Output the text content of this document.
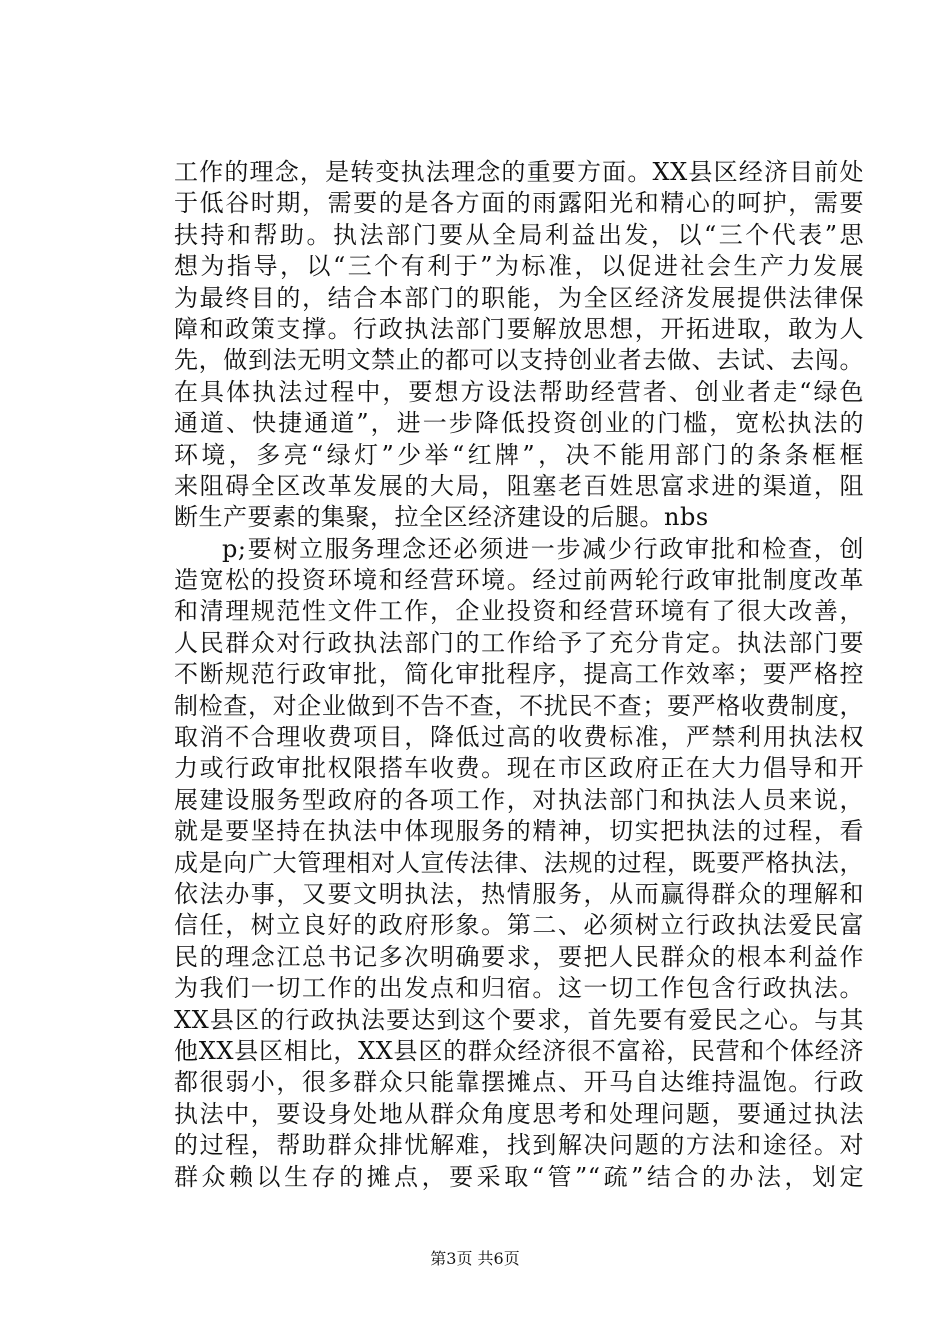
工作的理念，是转变执法理念的重要方面。XX县区经济目前处
于低谷时期，需要的是各方面的雨露阳光和精心的呵护，需要
扶持和帮助。执法部门要从全局利益出发，以“三个代表”思
想为指导，以“三个有利于”为标准，以促进社会生产力发展
为最终目的，结合本部门的职能，为全区经济发展提供法律保
障和政策支撑。行政执法部门要解放思想，开拓进取，敢为人
先，做到法无明文禁止的都可以支持创业者去做、去试、去闯。
在具体执法过程中，要想方设法帮助经营者、创业者走“绿色
通道、快捷通道”，进一步降低投资创业的门槛，宽松执法的
环境，多亮“绿灯”少举“红牌”，决不能用部门的条条框框
来阻碍全区改革发展的大局，阻塞老百姓思富求进的渠道，阻
断生产要素的集聚，拉全区经济建设的后腿。nbs
p;要树立服务理念还必须进一步减少行政审批和检查，创
造宽松的投资环境和经营环境。经过前两轮行政审批制度改革
和清理规范性文件工作，企业投资和经营环境有了很大改善，
人民群众对行政执法部门的工作给予了充分肯定。执法部门要
不断规范行政审批，简化审批程序，提高工作效率；要严格控
制检查，对企业做到不告不查，不扰民不查；要严格收费制度，
取消不合理收费项目，降低过高的收费标准，严禁利用执法权
力或行政审批权限搭车收费。现在市区政府正在大力倡导和开
展建设服务型政府的各项工作，对执法部门和执法人员来说，
就是要坚持在执法中体现服务的精神，切实把执法的过程，看
成是向广大管理相对人宣传法律、法规的过程，既要严格执法，
依法办事，又要文明执法，热情服务，从而赢得群众的理解和
信任，树立良好的政府形象。第二、必须树立行政执法爱民富
民的理念江总书记多次明确要求，要把人民群众的根本利益作
为我们一切工作的出发点和归宿。这一切工作包含行政执法。
XX县区的行政执法要达到这个要求，首先要有爱民之心。与其
他XX县区相比，XX县区的群众经济很不富裕，民营和个体经济
都很弱小，很多群众只能靠摆摊点、开马自达维持温饱。行政
执法中，要设身处地从群众角度思考和处理问题，要通过执法
的过程，帮助群众排忧解难，找到解决问题的方法和途径。对
群众赖以生存的摊点，要采取“管”“疏”结合的办法，划定
第3页 共6页
